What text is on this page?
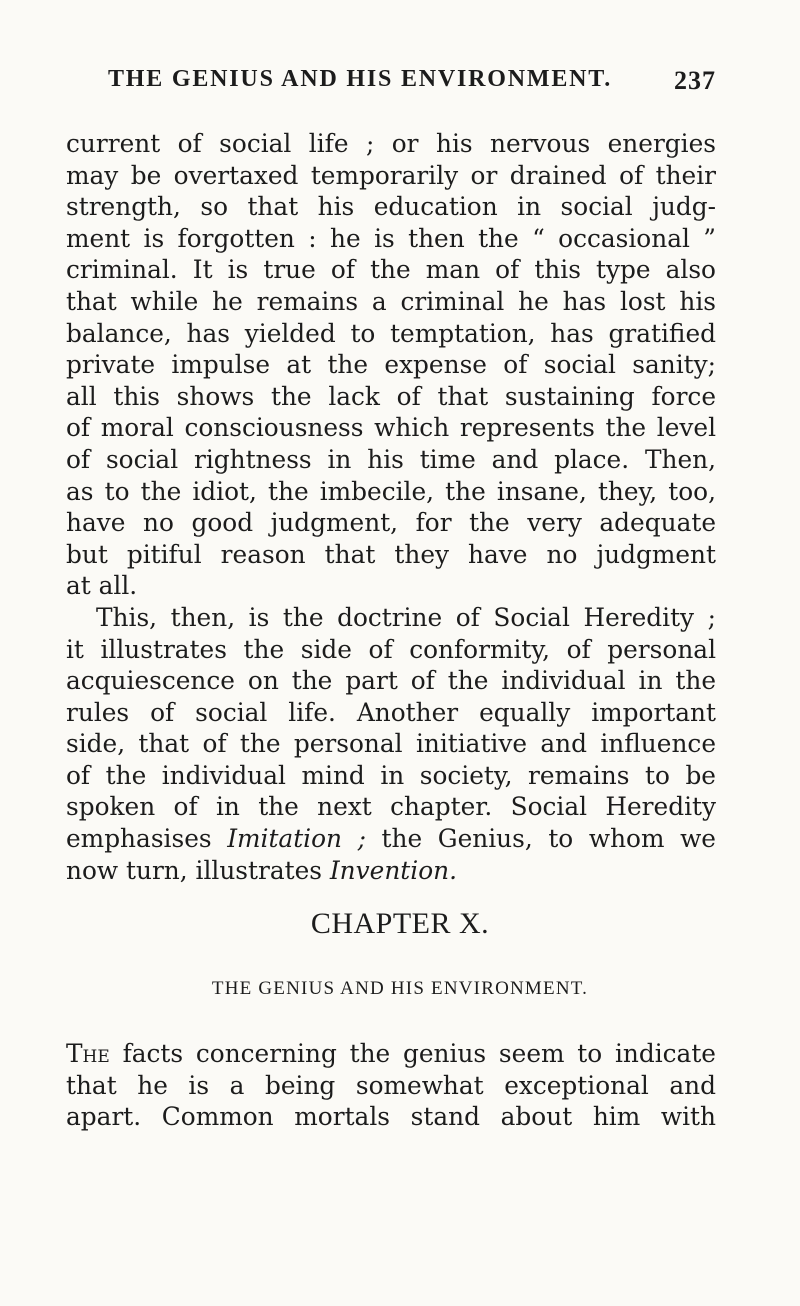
THE GENIUS AND HIS ENVIRONMENT. 237
current of social life ; or his nervous energies
may be overtaxed temporarily or drained of their
strength, so that his education in social judg-
ment is forgotten : he is then the “ occasional ”
criminal. It is true of the man of this type also
that while he remains a criminal he has lost his
balance, has yielded to temptation, has gratified
private impulse at the expense of social sanity;
all this shows the lack of that sustaining force
of moral consciousness which represents the level
of social rightness in his time and place. Then,
as to the idiot, the imbecile, the insane, they, too,
have no good judgment, for the very adequate
but pitiful reason that they have no judgment
at all.
This, then, is the doctrine of Social Heredity ;
it illustrates the side of conformity, of personal
acquiescence on the part of the individual in the
rules of social life. Another equally important
side, that of the personal initiative and influence
of the individual mind in society, remains to be
spoken of in the next chapter. Social Heredity
emphasises Imitation ; the Genius, to whom we
now turn, illustrates Invention.
CHAPTER X.
THE GENIUS AND HIS ENVIRONMENT.
The facts concerning the genius seem to indicate
that he is a being somewhat exceptional and
apart. Common mortals stand about him with
